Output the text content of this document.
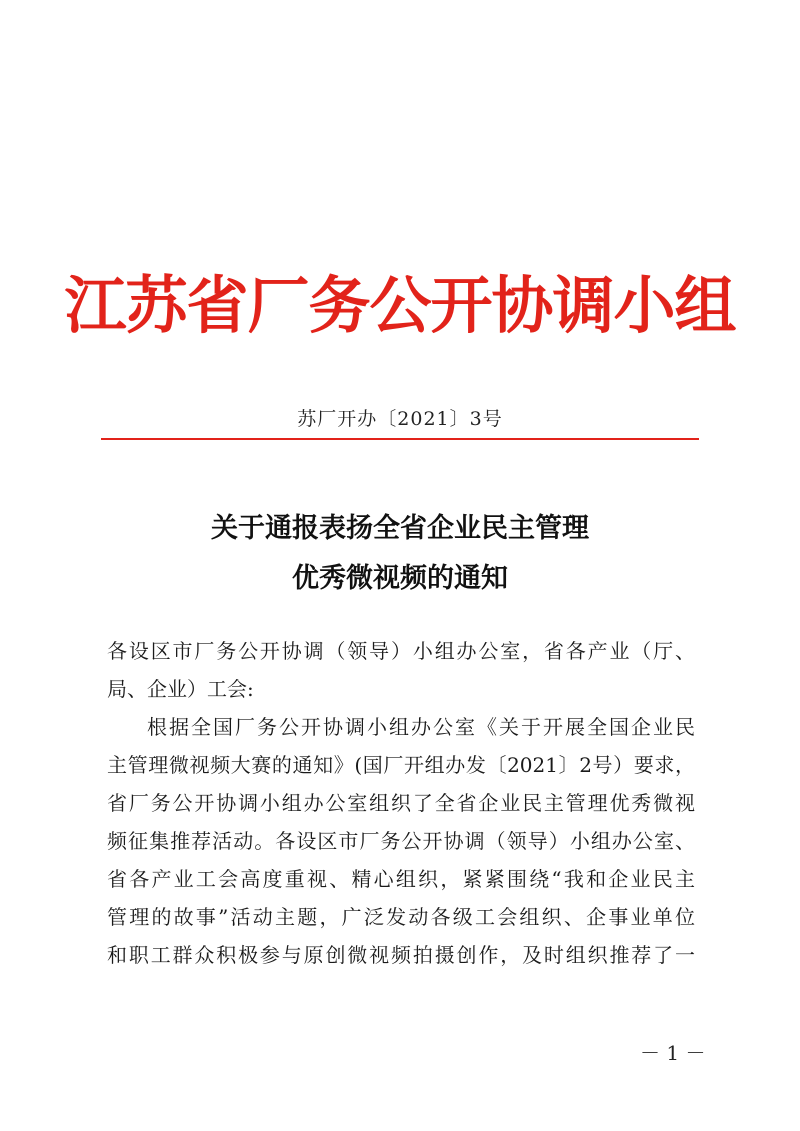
江苏省厂务公开协调小组
苏厂开办〔2021〕3号
关于通报表扬全省企业民主管理
优秀微视频的通知
各设区市厂务公开协调（领导）小组办公室，省各产业（厅、
局、企业）工会:
根据全国厂务公开协调小组办公室《关于开展全国企业民
主管理微视频大赛的通知》(国厂开组办发〔2021〕2号）要求，
省厂务公开协调小组办公室组织了全省企业民主管理优秀微视
频征集推荐活动。各设区市厂务公开协调（领导）小组办公室、
省各产业工会高度重视、精心组织，紧紧围绕“我和企业民主
管理的故事”活动主题，广泛发动各级工会组织、企事业单位
和职工群众积极参与原创微视频拍摄创作，及时组织推荐了一
－ 1 －
